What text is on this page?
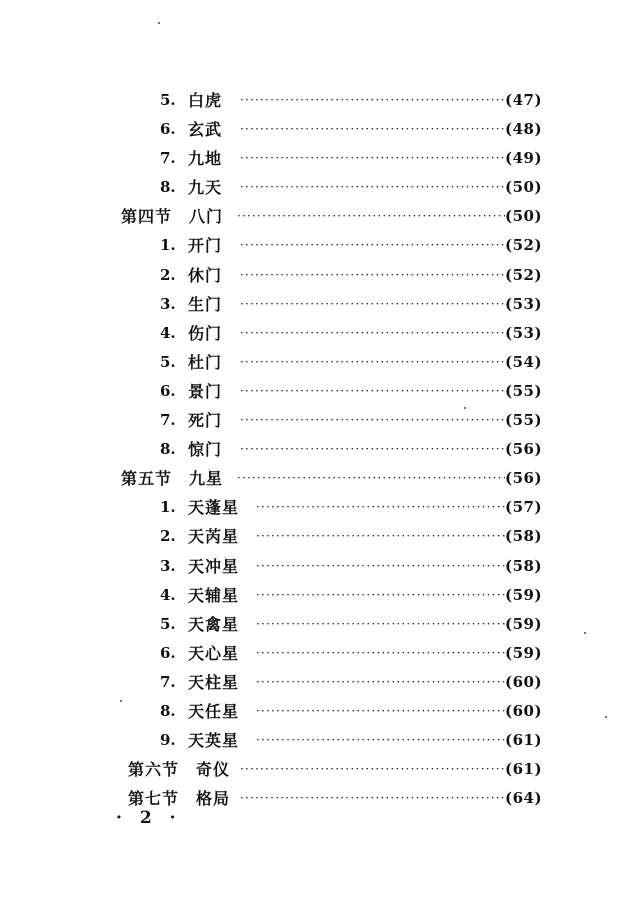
5. 白虎 ·····	(47)
6. 玄武 ·····	(48)
7. 九地 ·····	(49)
8. 九天 ·····	(50)
第四节　八门 ·····	(50)
1. 开门 ·····	(52)
2. 休门 ·····	(52)
3. 生门 ·····	(53)
4. 伤门 ·····	(53)
5. 杜门 ·····	(54)
6. 景门 ·····	(55)
7. 死门 ·····	(55)
8. 惊门 ·····	(56)
第五节　九星 ·····	(56)
1. 天蓬星 ·····	(57)
2. 天芮星 ·····	(58)
3. 天冲星 ·····	(58)
4. 天辅星 ·····	(59)
5. 天禽星 ·····	(59)
6. 天心星 ·····	(59)
7. 天柱星 ·····	(60)
8. 天任星 ·····	(60)
9. 天英星 ·····	(61)
第六节　奇仪 ·····	(61)
第七节　格局 ·····	(64)
· 2 ·
